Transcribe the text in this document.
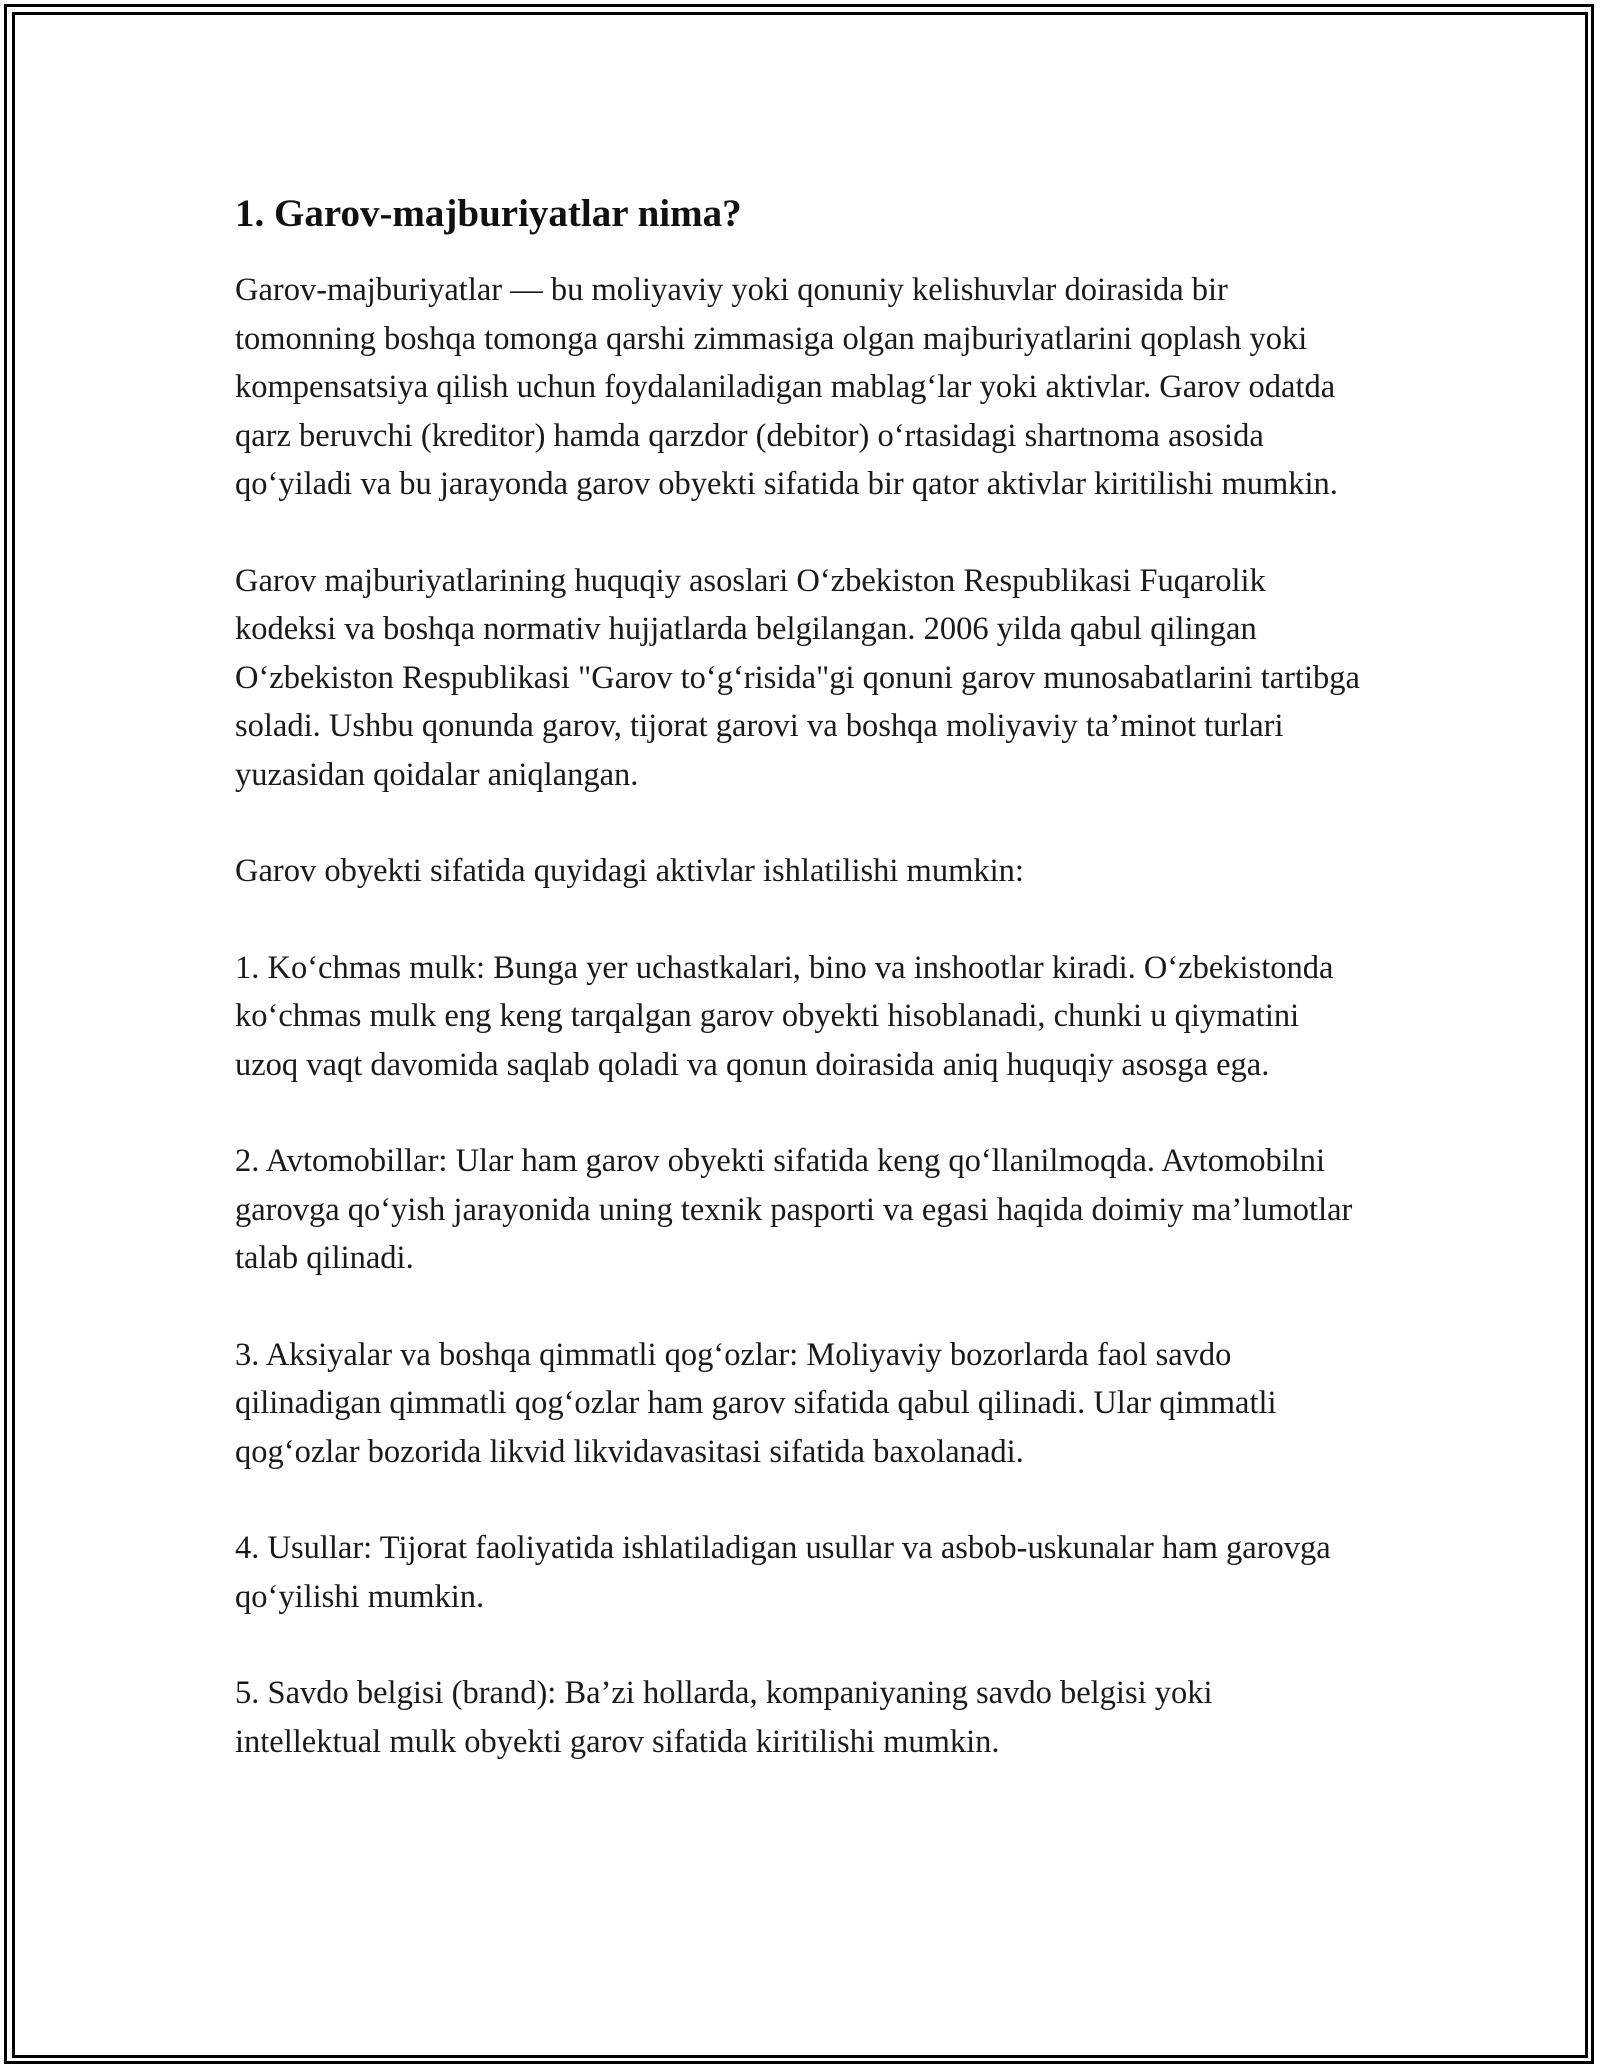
1. Garov-majburiyatlar nima?

Garov-majburiyatlar — bu moliyaviy yoki qonuniy kelishuvlar doirasida bir tomonning boshqa tomonga qarshi zimmasiga olgan majburiyatlarini qoplash yoki kompensatsiya qilish uchun foydalaniladigan mablag‘lar yoki aktivlar. Garov odatda qarz beruvchi (kreditor) hamda qarzdor (debitor) o‘rtasidagi shartnoma asosida qo‘yiladi va bu jarayonda garov obyekti sifatida bir qator aktivlar kiritilishi mumkin.

Garov majburiyatlarining huquqiy asoslari O‘zbekiston Respublikasi Fuqarolik kodeksi va boshqa normativ hujjatlarda belgilangan. 2006 yilda qabul qilingan O‘zbekiston Respublikasi "Garov to‘g‘risida"gi qonuni garov munosabatlarini tartibga soladi. Ushbu qonunda garov, tijorat garovi va boshqa moliyaviy ta’minot turlari yuzasidan qoidalar aniqlangan.

Garov obyekti sifatida quyidagi aktivlar ishlatilishi mumkin:

1. Ko‘chmas mulk: Bunga yer uchastkalari, bino va inshootlar kiradi. O‘zbekistonda ko‘chmas mulk eng keng tarqalgan garov obyekti hisoblanadi, chunki u qiymatini uzoq vaqt davomida saqlab qoladi va qonun doirasida aniq huquqiy asosga ega.

2. Avtomobillar: Ular ham garov obyekti sifatida keng qo‘llanilmoqda. Avtomobilni garovga qo‘yish jarayonida uning texnik pasporti va egasi haqida doimiy ma’lumotlar talab qilinadi.

3. Aksiyalar va boshqa qimmatli qog‘ozlar: Moliyaviy bozorlarda faol savdo qilinadigan qimmatli qog‘ozlar ham garov sifatida qabul qilinadi. Ular qimmatli qog‘ozlar bozorida likvid likvidavasitasi sifatida baxolanadi.

4. Usullar: Tijorat faoliyatida ishlatiladigan usullar va asbob-uskunalar ham garovga qo‘yilishi mumkin.

5. Savdo belgisi (brand): Ba’zi hollarda, kompaniyaning savdo belgisi yoki intellektual mulk obyekti garov sifatida kiritilishi mumkin.
